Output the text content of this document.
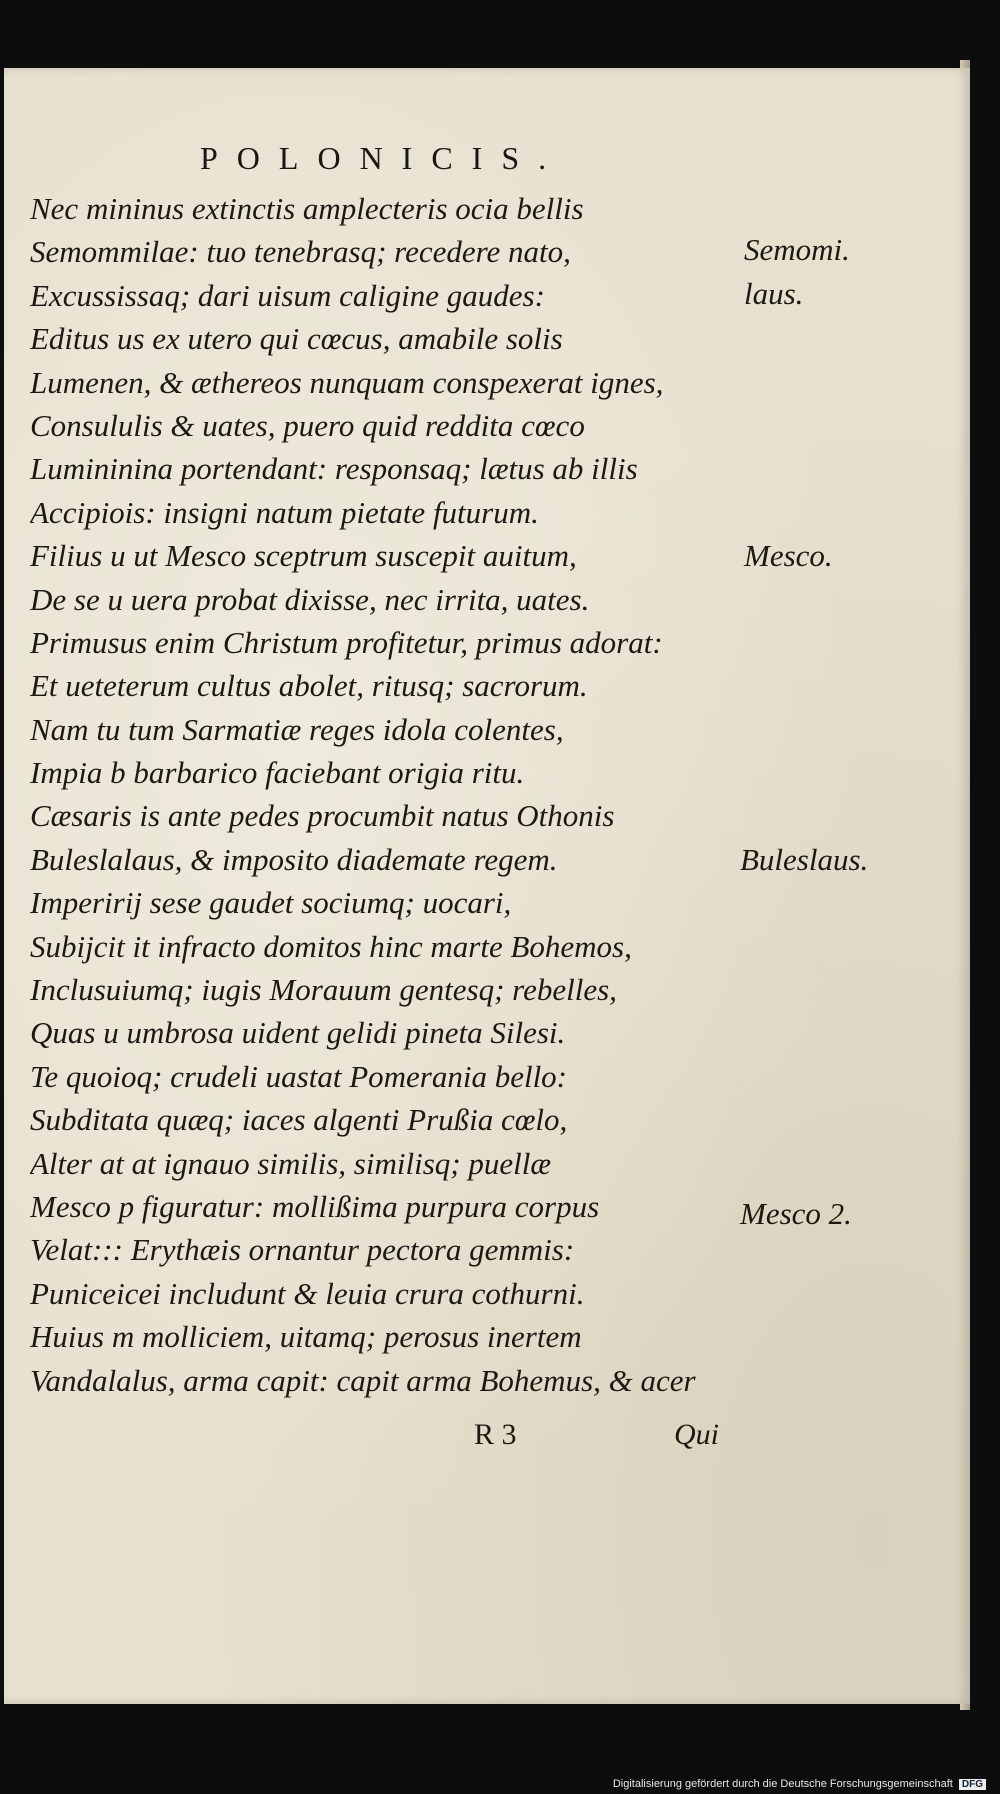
POLONICIS.
Nec mininus extinctis amplecteris ocia bellis
Semommilae: tuo tenebrasq; recedere nato,
Excussissaq; dari uisum caligine gaudes:
Editus us ex utero qui cœcus, amabile solis
Lumenen, & æthereos nunquam conspexerat ignes,
Consululis & uates, puero quid reddita cœco
Lumininina portendant: responsaq; lætus ab illis
Accipiois: insigni natum pietate futurum.
Filius u ut Mesco sceptrum suscepit auitum,
De se u uera probat dixisse, nec irrita, uates.
Primusus enim Christum profitetur, primus adorat:
Et ueteterum cultus abolet, ritusq; sacrorum.
Nam tu tum Sarmatiæ reges idola colentes,
Impia b barbarico faciebant origia ritu.
Cæsaris is ante pedes procumbit natus Othonis
Buleslalaus, & imposito diademate regem.
Imperirij sese gaudet sociumq; uocari,
Subijcit it infracto domitos hinc marte Bohemos,
Inclusuiumq; iugis Morauum gentesq; rebelles,
Quas u umbrosa uident gelidi pineta Silesi.
Te quoioq; crudeli uastat Pomerania bello:
Subditata quæq; iaces algenti Prußia cœlo,
Alter at at ignauo similis, similisq; puellæ
Mesco p figuratur: mollißima purpura corpus
Velat::: Erythæis ornantur pectora gemmis:
Puniceicei includunt & leuia crura cothurni.
Huius m molliciem, uitamq; perosus inertem
Vandalalus, arma capit: capit arma Bohemus, & acer

Semomi.

laus.

Mesco.

Buleslaus.

Mesco 2.

R 3	Qui

Digitalisierung gefördert durch die Deutsche Forschungsgemeinschaft DFG
